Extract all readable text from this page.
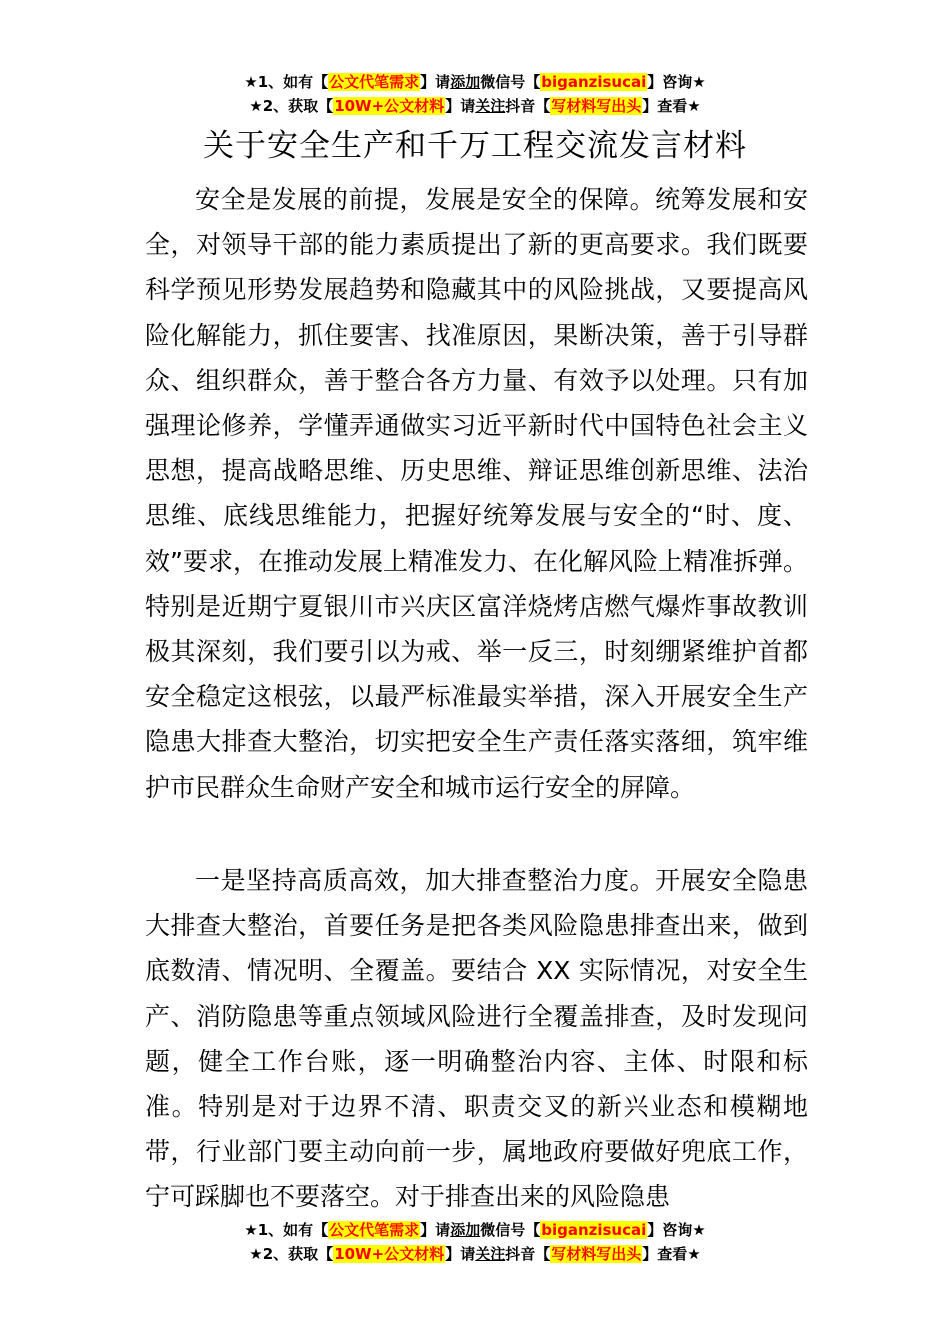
★1、如有【公文代笔需求】请添加微信号【biganzisucai】咨询★
★2、获取【10W+公文材料】请关注抖音【写材料写出头】查看★
关于安全生产和千万工程交流发言材料

安全是发展的前提，发展是安全的保障。统筹发展和安全，对领导干部的能力素质提出了新的更高要求。我们既要科学预见形势发展趋势和隐藏其中的风险挑战，又要提高风险化解能力，抓住要害、找准原因，果断决策，善于引导群众、组织群众，善于整合各方力量、有效予以处理。只有加强理论修养，学懂弄通做实习近平新时代中国特色社会主义思想，提高战略思维、历史思维、辩证思维创新思维、法治思维、底线思维能力，把握好统筹发展与安全的“时、度、效”要求，在推动发展上精准发力、在化解风险上精准拆弹。特别是近期宁夏银川市兴庆区富洋烧烤店燃气爆炸事故教训极其深刻，我们要引以为戒、举一反三，时刻绷紧维护首都安全稳定这根弦，以最严标准最实举措，深入开展安全生产隐患大排查大整治，切实把安全生产责任落实落细，筑牢维护市民群众生命财产安全和城市运行安全的屏障。

一是坚持高质高效，加大排查整治力度。开展安全隐患大排查大整治，首要任务是把各类风险隐患排查出来，做到底数清、情况明、全覆盖。要结合 XX 实际情况，对安全生产、消防隐患等重点领域风险进行全覆盖排查，及时发现问题，健全工作台账，逐一明确整治内容、主体、时限和标准。特别是对于边界不清、职责交叉的新兴业态和模糊地带，行业部门要主动向前一步，属地政府要做好兜底工作，宁可踩脚也不要落空。对于排查出来的风险隐患

★1、如有【公文代笔需求】请添加微信号【biganzisucai】咨询★
★2、获取【10W+公文材料】请关注抖音【写材料写出头】查看★
